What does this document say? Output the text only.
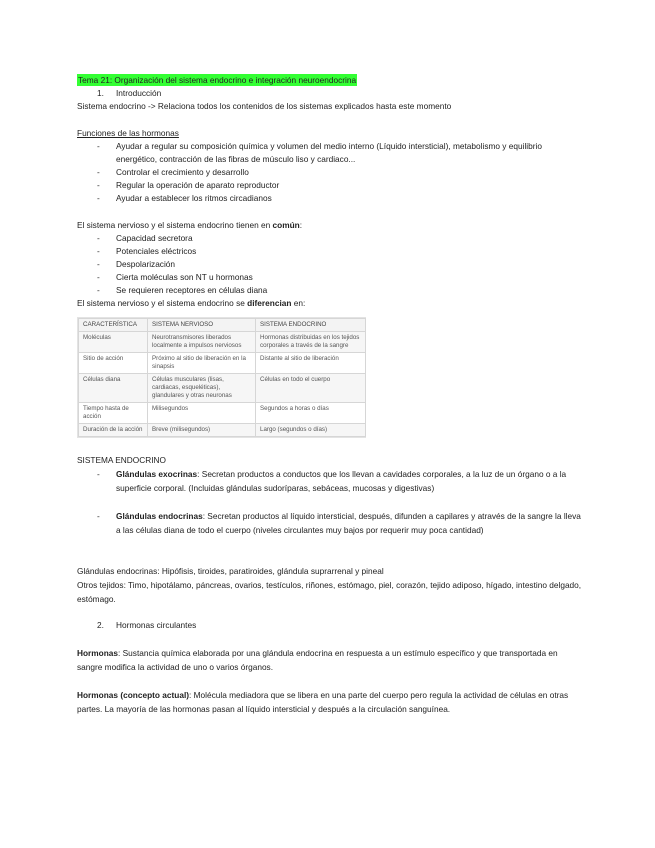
Tema 21: Organización del sistema endocrino e integración neuroendocrina

1. Introducción

Sistema endocrino -> Relaciona todos los contenidos de los sistemas explicados hasta este momento

Funciones de las hormonas

- Ayudar a regular su composición química y volumen del medio interno (Líquido intersticial), metabolismo y equilibrio energético, contracción de las fibras de músculo liso y cardiaco...
- Controlar el crecimiento y desarrollo
- Regular la operación de aparato reproductor
- Ayudar a establecer los ritmos circadianos

El sistema nervioso y el sistema endocrino tienen en común:

- Capacidad secretora
- Potenciales eléctricos
- Despolarización
- Cierta moléculas son NT u hormonas
- Se requieren receptores en células diana

El sistema nervioso y el sistema endocrino se diferencian en:

CARACTERÍSTICA	SISTEMA NERVIOSO	SISTEMA ENDOCRINO
Moléculas	Neurotransmisores liberados localmente a impulsos nerviosos	Hormonas distribuidas en los tejidos corporales a través de la sangre
Sitio de acción	Próximo al sitio de liberación en la sinapsis	Distante al sitio de liberación
Células diana	Células musculares (lisas, cardiacas, esqueléticas), glandulares y otras neuronas	Células en todo el cuerpo
Tiempo hasta de acción	Milisegundos	Segundos a horas o días
Duración de la acción	Breve (milisegundos)	Largo (segundos o días)

SISTEMA ENDOCRINO

- Glándulas exocrinas: Secretan productos a conductos que los llevan a cavidades corporales, a la luz de un órgano o a la superficie corporal. (Incluidas glándulas sudoríparas, sebáceas, mucosas y digestivas)
- Glándulas endocrinas: Secretan productos al líquido intersticial, después, difunden a capilares y através de la sangre la lleva a las células diana de todo el cuerpo (niveles circulantes muy bajos por requerir muy poca cantidad)

Glándulas endocrinas: Hipófisis, tiroides, paratiroides, glándula suprarrenal y pineal

Otros tejidos: Timo, hipotálamo, páncreas, ovarios, testículos, riñones, estómago, piel, corazón, tejido adiposo, hígado, intestino delgado, estómago.

2. Hormonas circulantes

Hormonas: Sustancia química elaborada por una glándula endocrina en respuesta a un estímulo específico y que transportada en sangre modifica la actividad de uno o varios órganos.

Hormonas (concepto actual): Molécula mediadora que se libera en una parte del cuerpo pero regula la actividad de células en otras partes. La mayoría de las hormonas pasan al líquido intersticial y después a la circulación sanguínea.
